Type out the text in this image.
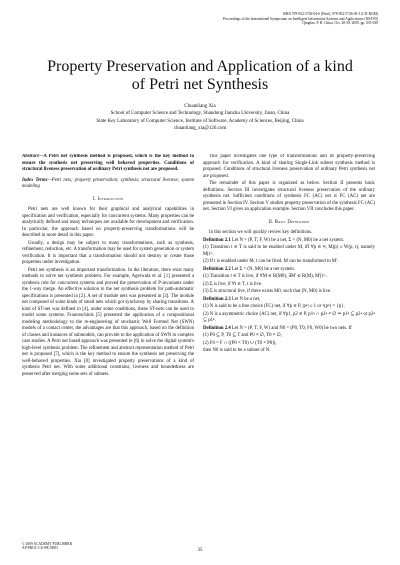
ISBN 978-952-5726-04-6 (Print), 978-952-5726-05-3 (CD-ROM)
Proceedings of the International Symposium on Intelligent Information Systems and Applications (IISA'09)
Qingdao, P. R. China, Oct. 28-30, 2009, pp. 035-038
Property Preservation and Application of a kind
of Petri net Synthesis
Chuanliang Xia
School of Computer Science and Technology, Shandong Jianzhu University, Jinan, China
State Key Laboratory of Computer Science, Institute of Software, Academy of Sciences, Beijing, China
chuanliang_xia@126.com
Abstract—A Petri net synthesis method is proposed, which is the key method to ensure the synthesis net preserving well behaved properties. Conditions of structural liveness preservation of ordinary Petri synthesis net are proposed.
Index Terms—Petri nets; property preservation; synthesis; structural liveness; system modeling
I. Introduction

Petri nets are well known for their graphical and analytical capabilities in specification and verification, especially for concurrent systems. Many properties can be analytically defined and many techniques are available for development and verification. In particular, the approach based on property-preserving transformations will be described in more detail in this paper.

Usually, a design may be subject to many transformations, such as synthesis, refinement, reduction, etc. A transformation may be used for system generation or system verification. It is important that a transformation should not destroy or create those properties under investigation.

Petri net synthesis is an important transformation. In the literature, there exist many methods to solve net synthesis problem. For example, Agerwala et al. [1] presented a synthesis rule for concurrent systems and proved the preservation of P-invariants under the 1-way merge. An effective solution to the net synthesis problem for path-automatic specifications is presented in [2]. A set of module nets was presented in [3]. The module net composed of some kinds of small nets which got synchrony by sharing transitions. A kind of ST-net was defined in [4], under some conditions, these ST-nets can be used to model some systems. Franceschinis [5] presented the application of a compositional modeling methodology to the re-engineering of stochastic Well Formed Net (SWN) models of a contact center, the advantages are that this approach, based on the definition of classes and instances of submodels, can provide to the application of SWN to complex case studies. A Petri net based approach was presented in [6] to solve the digital system's high-level synthesis problem. The refinement and abstract representation method of Petri net is proposed [7], which is the key method to ensure the synthesis net preserving the well-behaved properties. Xia [8] investigated property preservations of a kind of synthesis Petri net. With some additional constrains, liveness and boundedness are preserved after merging some sets of subnets.

This paper investigates one type of transformations and its property-preserving approach for verification. A kind of sharing Single-Link subnet synthesis method is proposed. Conditions of structural liveness preservation of ordinary Petri synthesis net are proposed.

The remainder of this paper is organized as below. Section II presents basic definitions. Section III investigates structural liveness preservation of the ordinary synthesis net. Sufficient conditions of synthesis FC (AC) net is FC (AC) net are presented in Section IV. Section V studies property preservation of the synthesis FC (AC) net. Section VI gives an application example. Section VII concludes this paper.

II. Basic Definitions

In this section we will quickly review key definitions.

Definition 2.1 Let N = (P, T; F, W) be a net, Σ = (N, M0) be a net system.
(1) Transition t ∈ T is said to be enabled under M, iff ∀p ∈ •t, M(p) ≥ W(p, t), namely M[t>.
(2) If t is enabled under M, t can be fired. M can be transformed to M'.
Definition 2.2 Let Σ = (N, M0) be a net system.
(1) Transition t ∈ T is live, if ∀M ∈ R(M0), ∃M' ∈ R(M), M'[t>.
(2) Σ is live, if ∀t ∈ T, t is live.
(3) Σ is structural live, if there exists M0, such that (N, M0) is live.
Definition 2.3 Let N be a net,
(1) N is said to be a free choice (FC) net, if ∀p ∈ P, |p•| ≤ 1 or •(p•) = {p}.
(2) N is a asymmetric choice (AC) net, if ∀p1, p2 ∈ P, p1• ∩ p2• ≠ ∅ ⇒ p1• ⊆ p2• or p2• ⊆ p1•.
Definition 2.4 Let N = (P, T; F, W) and N0 = (P0, T0; F0, W0) be two nets. If
(1) P0 ⊆ P, T0 ⊆ T and P0 ≠ ∅, T0 ≠ ∅,
(2) F0 = F ∩ ((P0 × T0) ∪ (T0 × P0)),
then N0 is said to be a subnet of N.
© 2009 ACADEMY PUBLISHER
AP-PROC-CS-09CN003	35
